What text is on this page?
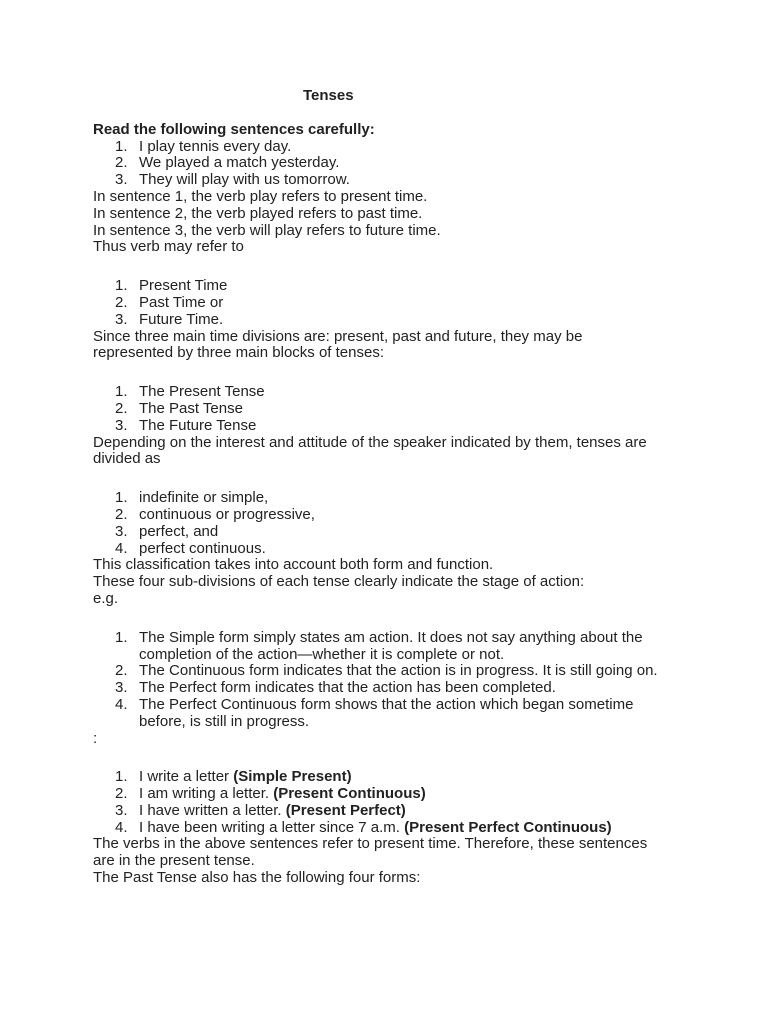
Tenses
Read the following sentences carefully:
1. I play tennis every day.
2. We played a match yesterday.
3. They will play with us tomorrow.
In sentence 1, the verb play refers to present time.
In sentence 2, the verb played refers to past time.
In sentence 3, the verb will play refers to future time.
Thus verb may refer to
1. Present Time
2. Past Time or
3. Future Time.
Since three main time divisions are: present, past and future, they may be
represented by three main blocks of tenses:
1. The Present Tense
2. The Past Tense
3. The Future Tense
Depending on the interest and attitude of the speaker indicated by them, tenses are
divided as
1. indefinite or simple,
2. continuous or progressive,
3. perfect, and
4. perfect continuous.
This classification takes into account both form and function.
These four sub-divisions of each tense clearly indicate the stage of action:
e.g.
1. The Simple form simply states am action. It does not say anything about the
completion of the action—whether it is complete or not.
2. The Continuous form indicates that the action is in progress. It is still going on.
3. The Perfect form indicates that the action has been completed.
4. The Perfect Continuous form shows that the action which began sometime
before, is still in progress.
:
1. I write a letter (Simple Present)
2. I am writing a letter. (Present Continuous)
3. I have written a letter. (Present Perfect)
4. I have been writing a letter since 7 a.m. (Present Perfect Continuous)
The verbs in the above sentences refer to present time. Therefore, these sentences
are in the present tense.
The Past Tense also has the following four forms:
